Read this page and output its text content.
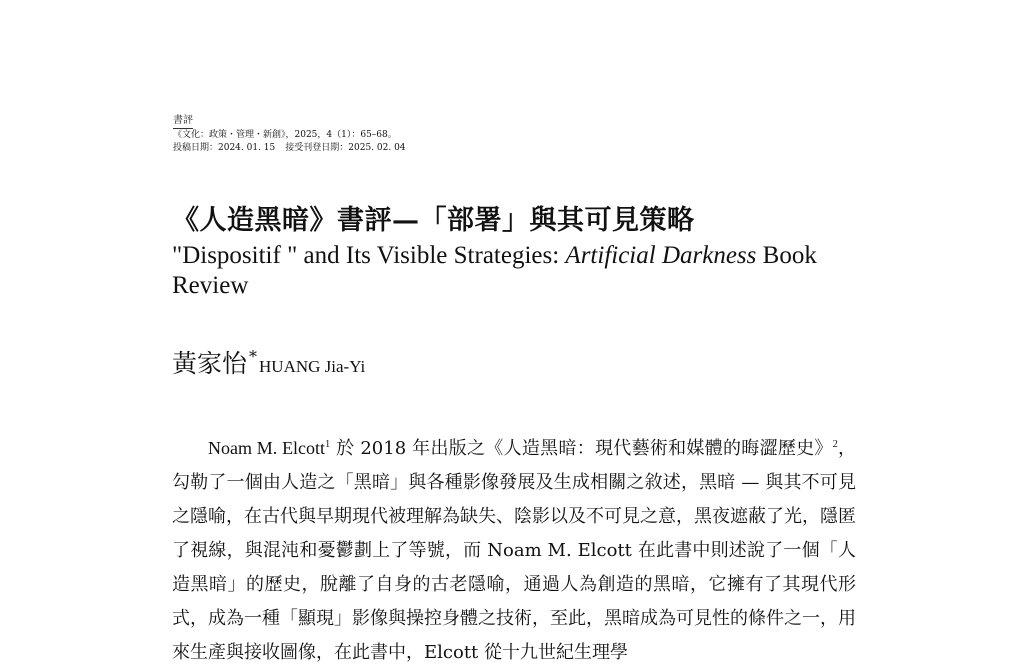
書評
《文化：政策・管理・新創》，2025，4（1）：65–68。
投稿日期：2024. 01. 15 接受刊登日期：2025. 02. 04
《人造黑暗》書評—「部署」與其可見策略
"Dispositif " and Its Visible Strategies: Artificial Darkness Book Review
黃家怡 *HUANG Jia-Yi

Noam M. Elcott$^1$ 於 2018 年出版之《人造黑暗：現代藝術和媒體的晦澀歷史》$^2$，勾勒了一個由人造之「黑暗」與各種影像發展及生成相關之敘述，黑暗 — 與其不可見之隱喻，在古代與早期現代被理解為缺失、陰影以及不可見之意，黑夜遮蔽了光，隱匿了視線，與混沌和憂鬱劃上了等號，而 Noam M. Elcott 在此書中則述說了一個「人造黑暗」的歷史，脫離了自身的古老隱喻，通過人為創造的黑暗，它擁有了其現代形式，成為一種「顯現」影像與操控身體之技術，至此，黑暗成為可見性的條件之一，用來生產與接收圖像，在此書中，Elcott 從十九世紀生理學
